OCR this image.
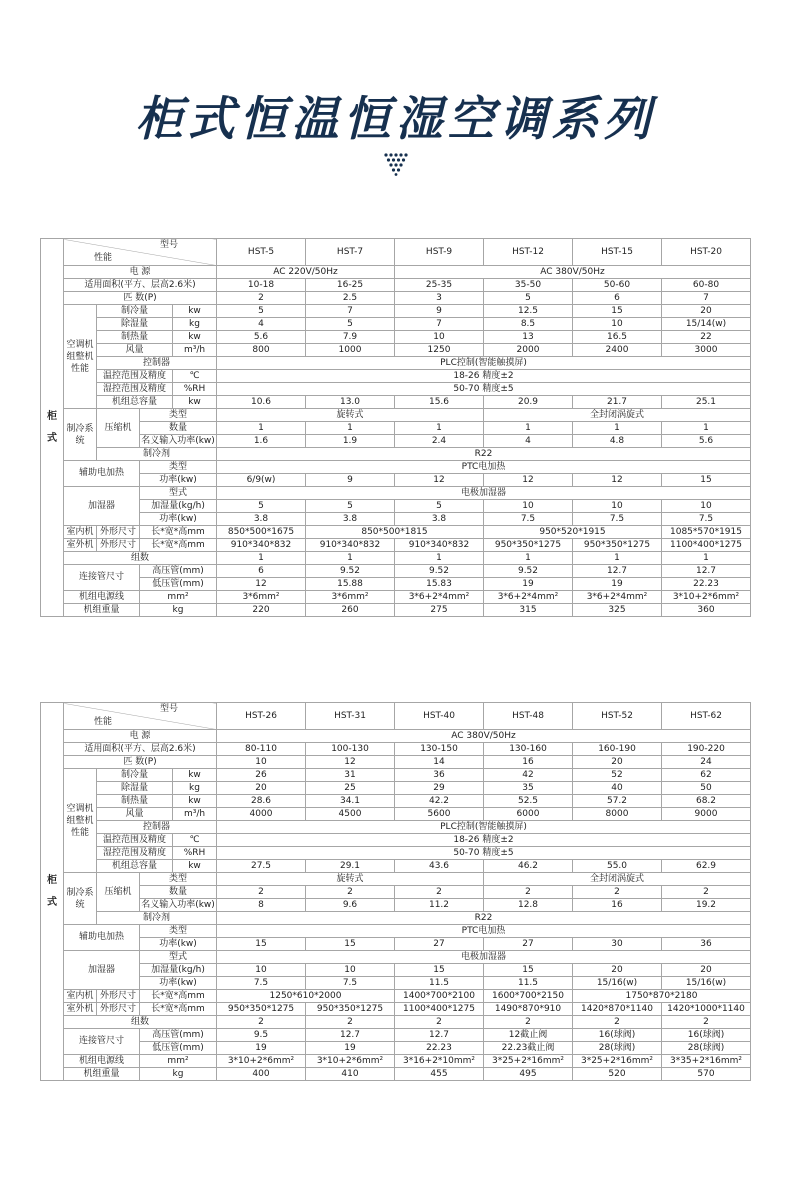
柜式恒温恒湿空调系列
柜
式	型号
性能				HST-5	HST-7	HST-9	HST-12	HST-15	HST-20
	电 源				AC 220V/50Hz		AC 380V/50Hz			
	适用面积(平方、层高2.6米)				10-18	16-25	25-35	35-50	50-60	60-80
	匹 数(P)				2	2.5	3	5	6	7
	空调机组整机性能	制冷量		kw	5	7	9	12.5	15	20
		除湿量		kg	4	5	7	8.5	10	15/14(w)
		制热量		kw	5.6	7.9	10	13	16.5	22
		风量		m³/h	800	1000	1250	2000	2400	3000
		控制器			PLC控制(智能触摸屏)					
		温控范围及精度		℃	18-26 精度±2					
		湿控范围及精度		%RH	50-70 精度±5					
		机组总容量		kw	10.6	13.0	15.6	20.9	21.7	25.1
	制冷系统	压缩机	类型		旋转式			全封闭涡旋式		
			数量		1	1	1	1	1	1
			名义输入功率(kw)		1.6	1.9	2.4	4	4.8	5.6
		制冷剂			R22					
	辅助电加热		类型		PTC电加热					
			功率(kw)		6/9(w)	9	12	12	12	15
	加湿器		型式		电极加湿器					
			加湿量(kg/h)		5	5	5	10	10	10
			功率(kw)		3.8	3.8	3.8	7.5	7.5	7.5
	室内机	外形尺寸	长*宽*高mm		850*500*1675	850*500*1815		950*520*1915		1085*570*1915
	室外机	外形尺寸	长*宽*高mm		910*340*832	910*340*832	910*340*832	950*350*1275	950*350*1275	1100*400*1275
	组数				1	1	1	1	1	1
	连接管尺寸		高压管(mm)		6	9.52	9.52	9.52	12.7	12.7
			低压管(mm)		12	15.88	15.83	19	19	22.23
	机组电源线		mm²		3*6mm²	3*6mm²	3*6+2*4mm²	3*6+2*4mm²	3*6+2*4mm²	3*10+2*6mm²
	机组重量		kg		220	260	275	315	325	360
柜
式	型号
性能				HST-26	HST-31	HST-40	HST-48	HST-52	HST-62
	电 源				AC 380V/50Hz					
	适用面积(平方、层高2.6米)				80-110	100-130	130-150	130-160	160-190	190-220
	匹 数(P)				10	12	14	16	20	24
	空调机组整机性能	制冷量		kw	26	31	36	42	52	62
		除湿量		kg	20	25	29	35	40	50
		制热量		kw	28.6	34.1	42.2	52.5	57.2	68.2
		风量		m³/h	4000	4500	5600	6000	8000	9000
		控制器			PLC控制(智能触摸屏)					
		温控范围及精度		℃	18-26 精度±2					
		湿控范围及精度		%RH	50-70 精度±5					
		机组总容量		kw	27.5	29.1	43.6	46.2	55.0	62.9
	制冷系统	压缩机	类型		旋转式			全封闭涡旋式		
			数量		2	2	2	2	2	2
			名义输入功率(kw)		8	9.6	11.2	12.8	16	19.2
		制冷剂			R22					
	辅助电加热		类型		PTC电加热					
			功率(kw)		15	15	27	27	30	36
	加湿器		型式		电极加湿器					
			加湿量(kg/h)		10	10	15	15	20	20
			功率(kw)		7.5	7.5	11.5	11.5	15/16(w)	15/16(w)
	室内机	外形尺寸	长*宽*高mm		1250*610*2000		1400*700*2100	1600*700*2150	1750*870*2180	
	室外机	外形尺寸	长*宽*高mm		950*350*1275	950*350*1275	1100*400*1275	1490*870*910	1420*870*1140	1420*1000*1140
	组数				2	2	2	2	2	2
	连接管尺寸		高压管(mm)		9.5	12.7	12.7	12截止阀	16(球阀)	16(球阀)
			低压管(mm)		19	19	22.23	22.23截止阀	28(球阀)	28(球阀)
	机组电源线		mm²		3*10+2*6mm²	3*10+2*6mm²	3*16+2*10mm²	3*25+2*16mm²	3*25+2*16mm²	3*35+2*16mm²
	机组重量		kg		400	410	455	495	520	570
